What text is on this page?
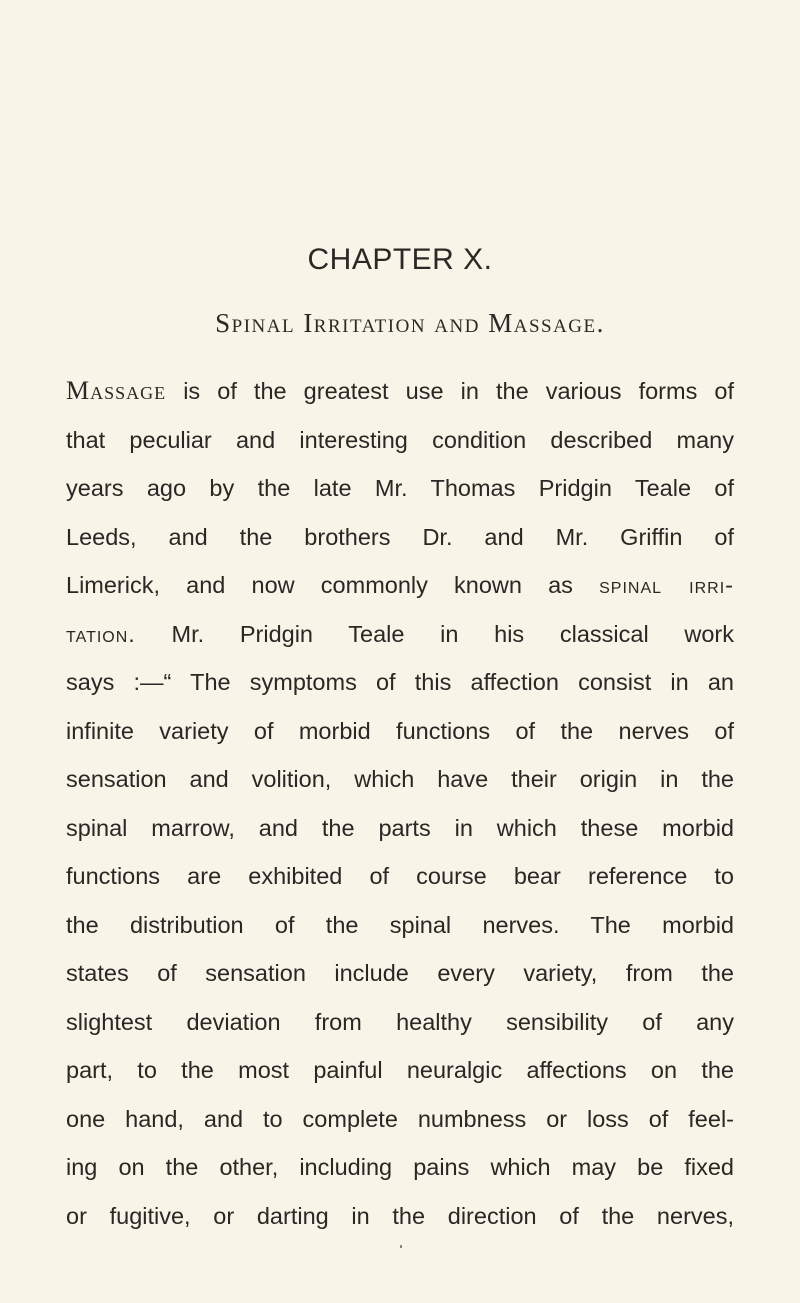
CHAPTER X.
Spinal Irritation and Massage.
Massage is of the greatest use in the various forms of
that peculiar and interesting condition described many
years ago by the late Mr. Thomas Pridgin Teale of
Leeds, and the brothers Dr. and Mr. Griffin of
Limerick, and now commonly known as spinal irri-
tation. Mr. Pridgin Teale in his classical work
says :—“ The symptoms of this affection consist in an
infinite variety of morbid functions of the nerves of
sensation and volition, which have their origin in the
spinal marrow, and the parts in which these morbid
functions are exhibited of course bear reference to
the distribution of the spinal nerves. The morbid
states of sensation include every variety, from the
slightest deviation from healthy sensibility of any
part, to the most painful neuralgic affections on the
one hand, and to complete numbness or loss of feel-
ing on the other, including pains which may be fixed
or fugitive, or darting in the direction of the nerves,
